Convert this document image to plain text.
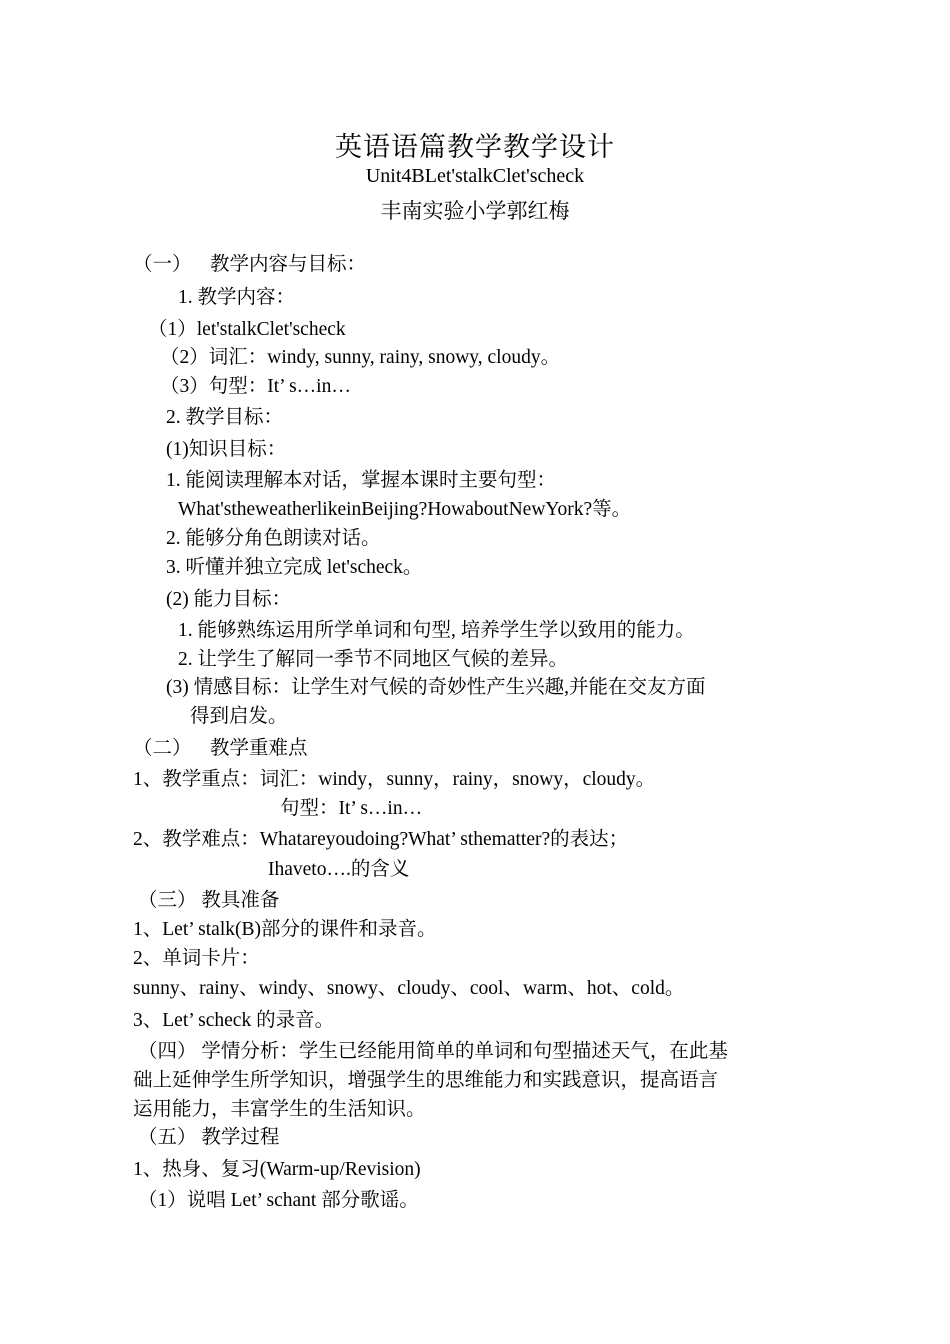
英语语篇教学教学设计
Unit4BLet'stalkClet'scheck
丰南实验小学郭红梅
（一） 教学内容与目标：
1. 教学内容：
（1）let'stalkClet'scheck
（2）词汇：windy, sunny, rainy, snowy, cloudy。
（3）句型：It’ s…in…
2. 教学目标：
(1)知识目标：
1. 能阅读理解本对话，掌握本课时主要句型：
What'stheweatherlikeinBeijing?HowaboutNewYork?等。
2. 能够分角色朗读对话。
3. 听懂并独立完成 let'scheck。
(2) 能力目标：
1. 能够熟练运用所学单词和句型, 培养学生学以致用的能力。
2. 让学生了解同一季节不同地区气候的差异。
(3) 情感目标：让学生对气候的奇妙性产生兴趣,并能在交友方面
得到启发。
（二） 教学重难点
1、教学重点：词汇：windy，sunny，rainy，snowy，cloudy。
句型：It’ s…in…
2、教学难点：Whatareyoudoing?What’ sthematter?的表达；
Ihaveto….的含义
（三） 教具准备
1、Let’ stalk(B)部分的课件和录音。
2、单词卡片：
sunny、rainy、windy、snowy、cloudy、cool、warm、hot、cold。
3、Let’ scheck 的录音。
（四） 学情分析：学生已经能用简单的单词和句型描述天气，在此基
础上延伸学生所学知识，增强学生的思维能力和实践意识，提高语言
运用能力，丰富学生的生活知识。
（五） 教学过程
1、热身、复习(Warm-up/Revision)
（1）说唱 Let’ schant 部分歌谣。
